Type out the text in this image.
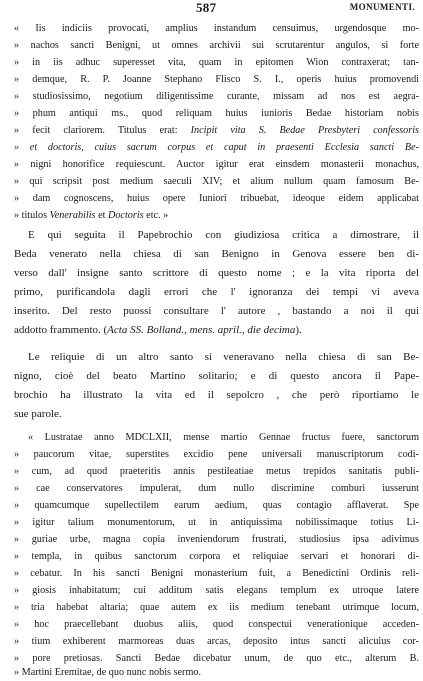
587	MONUMENTI.
« Iis indiciis provocati, amplius instandum censuimus, urgendosque mo-
» nachos sancti Benigni, ut omnes archivii sui scrutarentur angulos, si forte
» in iis adhuc superesset vita, quam in epitomen Wion contraxerat; tan-
» demque, R. P. Joanne Stephano Flisco S. I., operis huius promovendi
» studiosissimo, negotium diligentissime curante, missam ad nos est aegra-
» phum antiqui ms., quod reliquam huius iunioris Bedae historiam nobis
» fecit clariorem. Titulus erat: Incipit vita S. Bedae Presbyteri confessoris
» et doctoris, cuius sacrum corpus et caput in praesenti Ecclesia sancti Be-
» nigni honorifice requiescunt. Auctor igitur erat einsdem monasterii monachus,
» qui scripsit post medium saeculi XIV; et alium nullum quam famosum Be-
» dam cognoscens, huius opere Iuniori tribuebat, ideoque eidem applicabat
» titulos Venerabilis et Doctoris etc. »
E qui seguita il Papebrochio con giudiziosa critica a dimostrare, il
Beda venerato nella chiesa di san Benigno in Genova essere ben di-
verso dall' insigne santo scrittore di questo nome ; e la vita riporta del
primo, purificandola dagli errori che l' ignoranza dei tempi vi aveva
inserito. Del resto puossi consultare l' autore , bastando a noi il qui
addotto frammento. (Acta SS. Bolland., mens. april., die decima).
Le reliquie di un altro santo si veneravano nella chiesa di san Be-
nigno, cioè del beato Martino solitario; e di questo ancora il Pape-
brochio ha illustrato la vita ed il sepolcro , che però riportiamo le
sue parole.
« Lustratae anno MDCLXII, mense martio Gennae fructus fuere, sanctorum
» paucorum vitae, superstites excidio pene universali manuscriptorum codi-
» cum, ad quod praeteritis annis pestileatiae metus trepidos sanitatis publi-
» cae conservatores impulerat, dum nullo discrimine comburi iusserunt
» quamcumque supellectilem earum aedium, quas contagio afflaverat. Spe
» igitur talium monumentorum, ut in antiquissima nobilissimaque totius Li-
» guriae urbe, magna copia inveniendorum frustrati, studiosius ipsa adivimus
» templa, in quibus sanctorum corpora et reliquiae servari et honorari di-
» cebatur. In his sancti Benigni monasterium fuit, a Benedictini Ordinis reli-
» giosis inhabitatum; cui additum satis elegans templum ex utroque latere
» tria habebat altaria; quae autem ex iis medium tenebant utrimque locum,
» hoc praecellebant duobus aliis, quod conspectui venerationique acceden-
» tium exhiberent marmoreas duas arcas, deposito intus sancti alicuius cor-
» pore pretiosas. Sancti Bedae dicebatur unum, de quo etc., alterum B.
» Martini Eremitae, de quo nunc nobis sermo.
